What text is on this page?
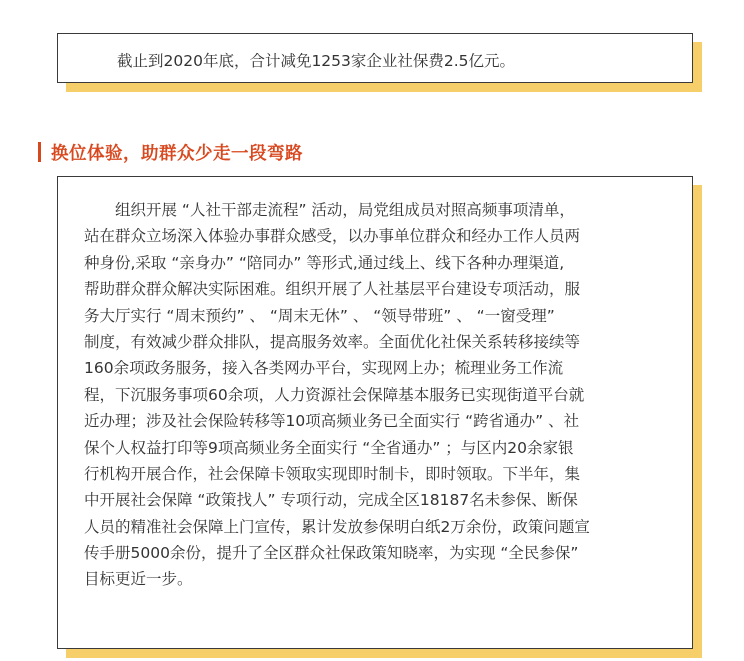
截止到2020年底，合计减免1253家企业社保费2.5亿元。
换位体验，助群众少走一段弯路
组织开展 “人社干部走流程” 活动，局党组成员对照高频事项清单，
站在群众立场深入体验办事群众感受，以办事单位群众和经办工作人员两
种身份,采取 “亲身办” “陪同办” 等形式,通过线上、线下各种办理渠道,
帮助群众群众解决实际困难。组织开展了人社基层平台建设专项活动，服
务大厅实行 “周末预约” 、 “周末无休” 、 “领导带班” 、 “一窗受理”
制度，有效减少群众排队，提高服务效率。全面优化社保关系转移接续等
160余项政务服务，接入各类网办平台，实现网上办；梳理业务工作流
程，下沉服务事项60余项，人力资源社会保障基本服务已实现街道平台就
近办理；涉及社会保险转移等10项高频业务已全面实行 “跨省通办” 、社
保个人权益打印等9项高频业务全面实行 “全省通办” ；与区内20余家银
行机构开展合作，社会保障卡领取实现即时制卡，即时领取。下半年，集
中开展社会保障 “政策找人” 专项行动，完成全区18187名未参保、断保
人员的精准社会保障上门宣传，累计发放参保明白纸2万余份，政策问题宣
传手册5000余份，提升了全区群众社保政策知晓率，为实现 “全民参保”
目标更近一步。
